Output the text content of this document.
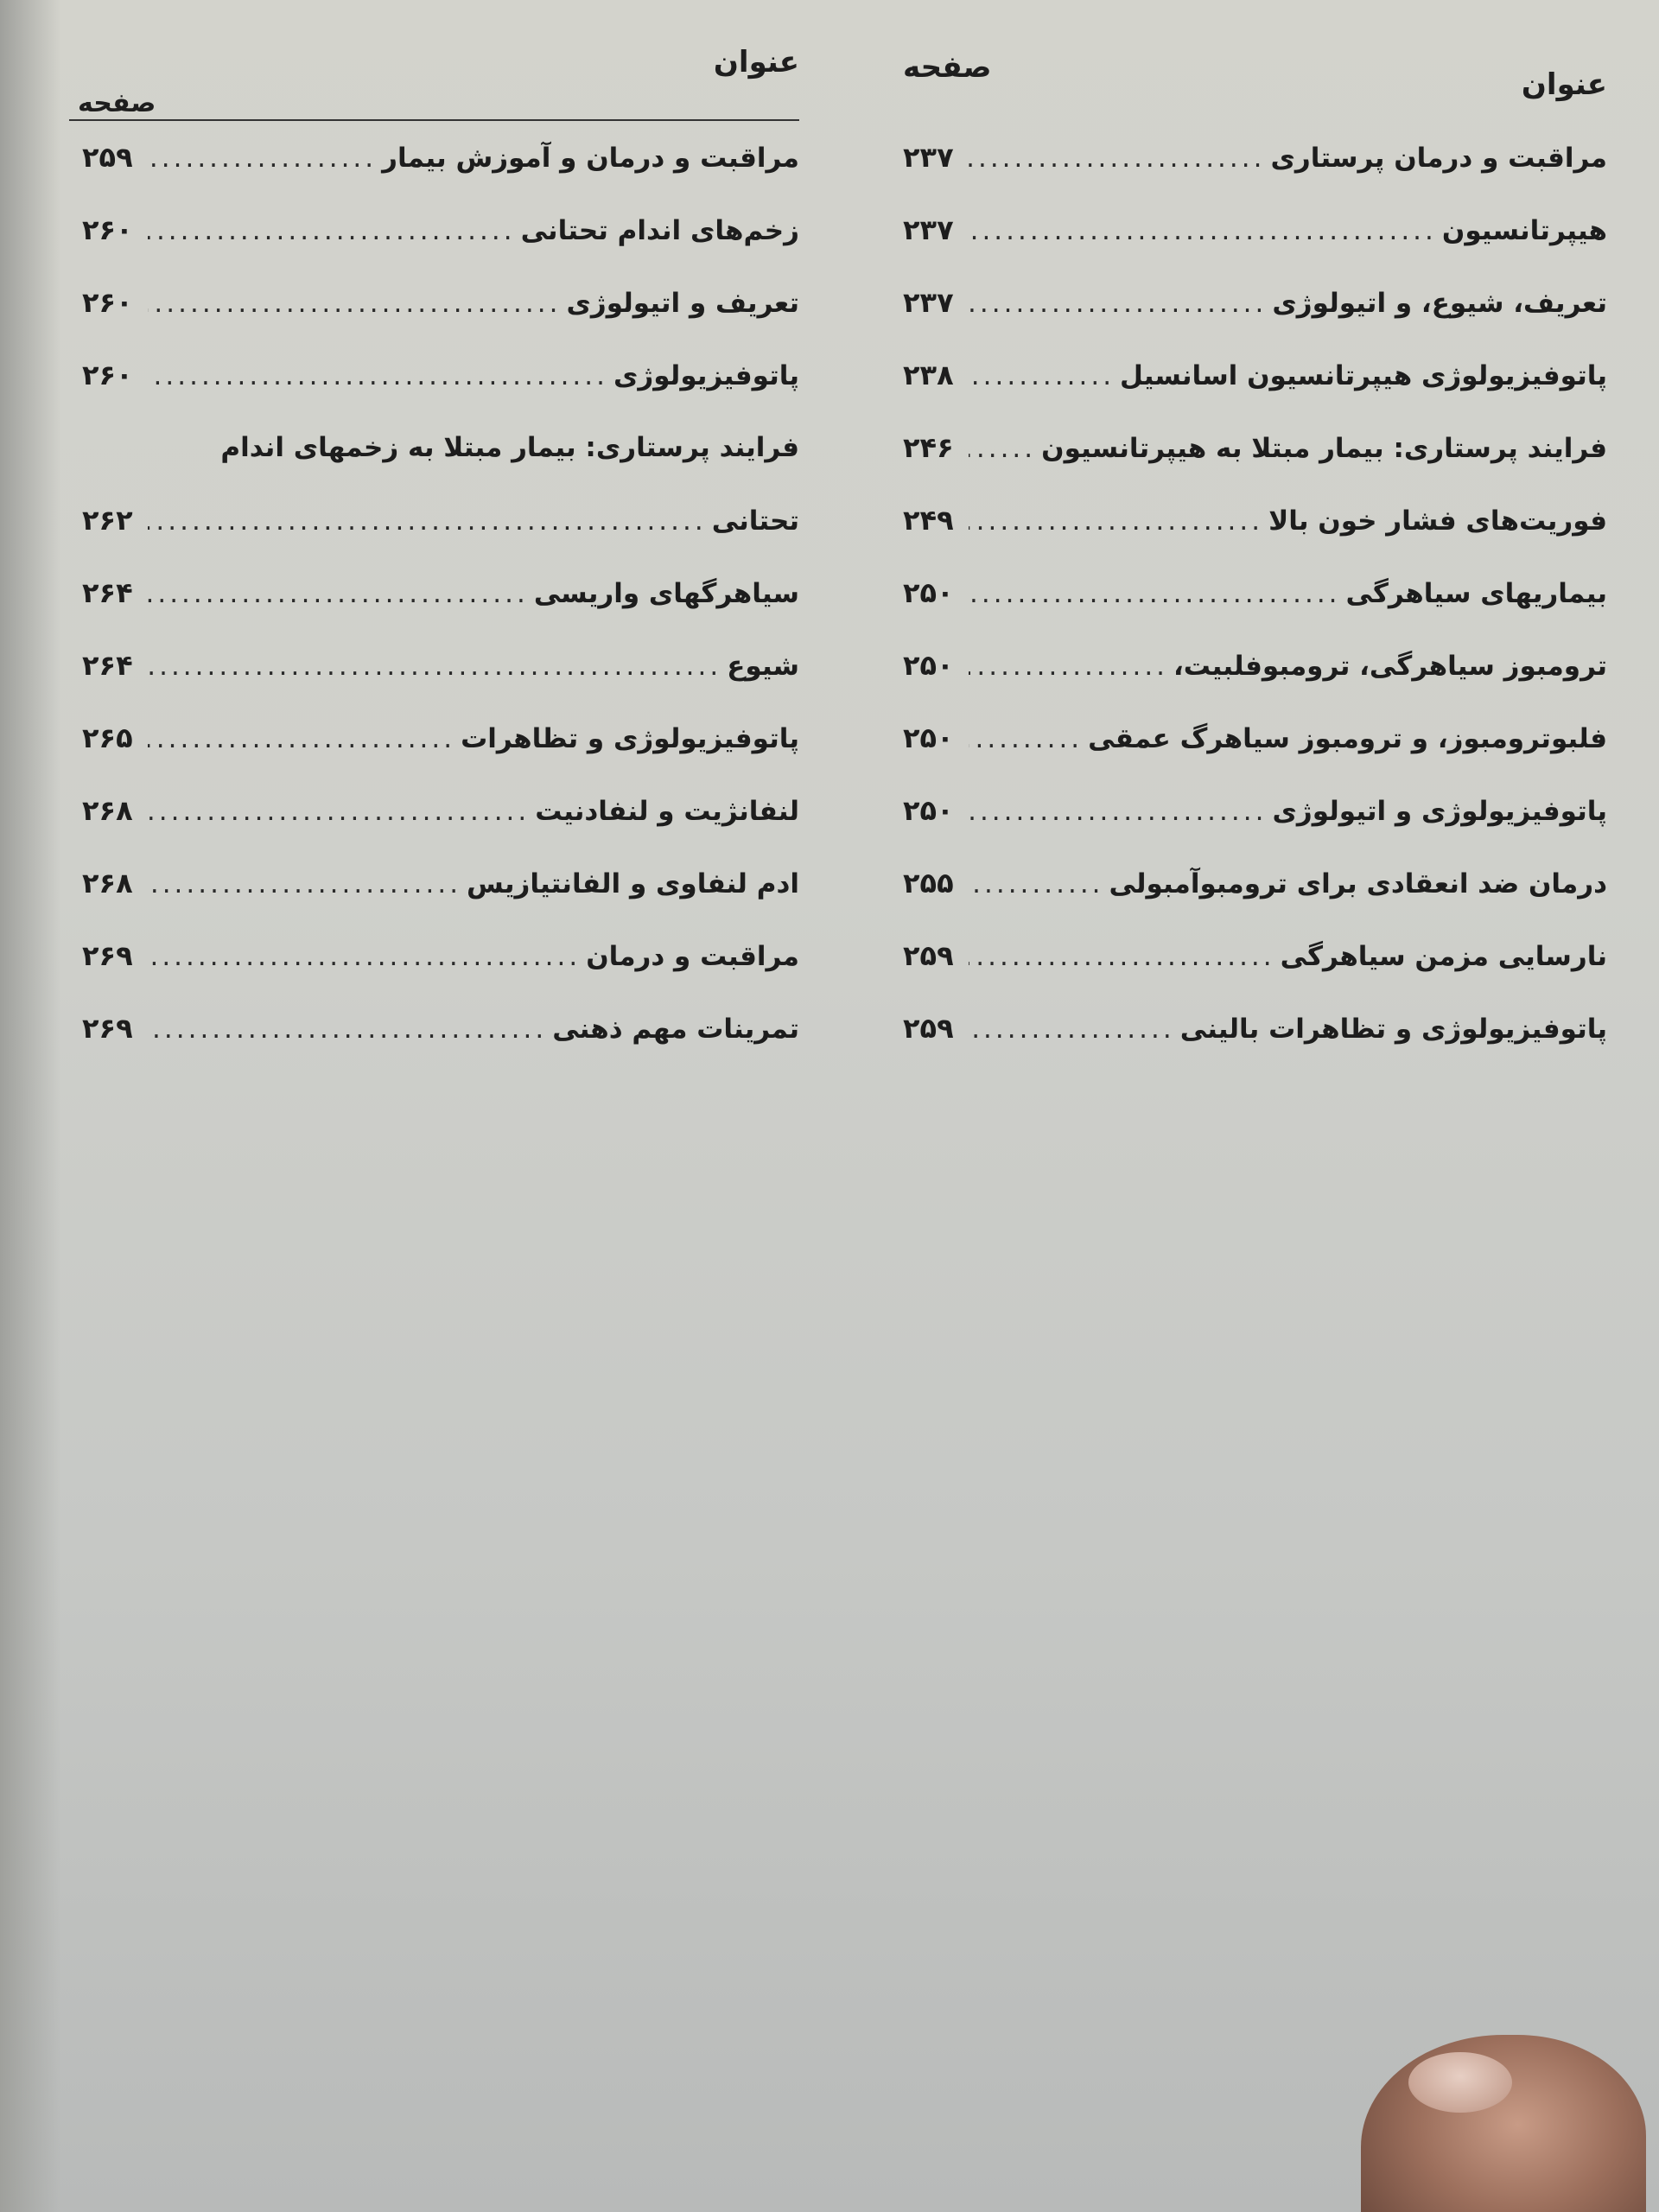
عنوان
صفحه
مراقبت و درمان پرستاری
.....
۲۳۷
هیپرتانسیون
.....
۲۳۷
تعریف، شیوع، و اتیولوژی
.....
۲۳۷
پاتوفیزیولوژی هیپرتانسیون اسانسیل
.....
۲۳۸
فرایند پرستاری: بیمار مبتلا به هیپرتانسیون
.....
۲۴۶
فوریت‌های فشار خون بالا
.....
۲۴۹
بیماریهای سیاهرگی
.....
۲۵۰
ترومبوز سیاهرگی، ترومبوفلبیت،
.....
۲۵۰
فلبوترومبوز، و ترومبوز سیاهرگ عمقی
.....
۲۵۰
پاتوفیزیولوژی و اتیولوژی
.....
۲۵۰
درمان ضد انعقادی برای ترومبوآمبولی
.....
۲۵۵
نارسایی مزمن سیاهرگی
.....
۲۵۹
پاتوفیزیولوژی و تظاهرات بالینی
.....
۲۵۹
عنوان
صفحه
مراقبت و درمان و آموزش بیمار
.....
۲۵۹
زخم‌های اندام تحتانی
.....
۲۶۰
تعریف و اتیولوژی
.....
۲۶۰
پاتوفیزیولوژی
.....
۲۶۰
فرایند پرستاری: بیمار مبتلا به زخمهای اندام
تحتانی
.....
۲۶۲
سیاهرگهای واریسی
.....
۲۶۴
شیوع
.....
۲۶۴
پاتوفیزیولوژی و تظاهرات
.....
۲۶۵
لنفانژیت و لنفادنیت
.....
۲۶۸
ادم لنفاوی و الفانتیازیس
.....
۲۶۸
مراقبت و درمان
.....
۲۶۹
تمرینات مهم ذهنی
.....
۲۶۹
